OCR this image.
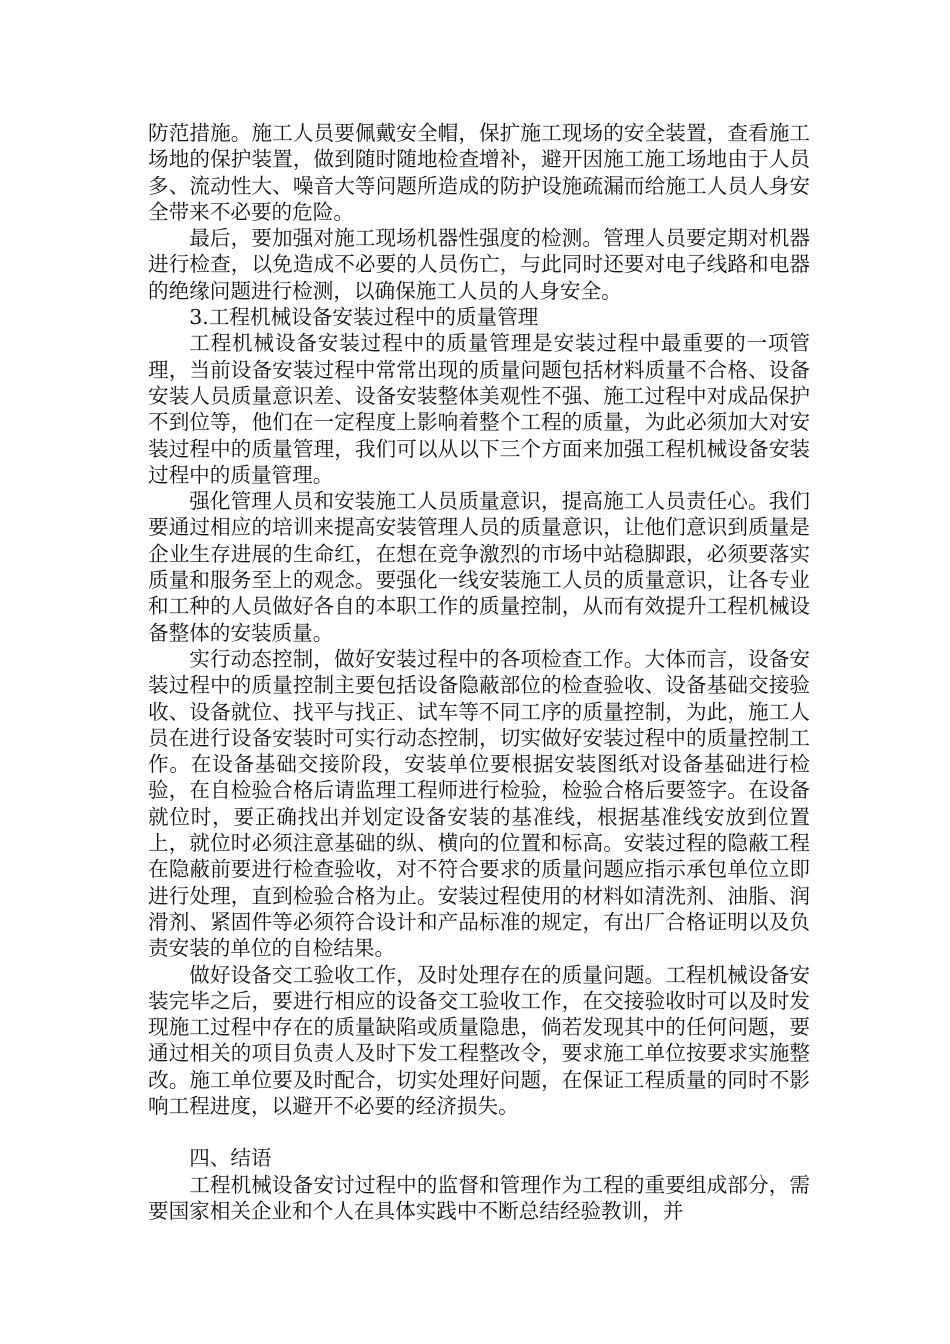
防范措施。施工人员要佩戴安全帽，保扩施工现场的安全装置，查看施工场地的保护装置，做到随时随地检查增补，避开因施工施工场地由于人员多、流动性大、噪音大等问题所造成的防护设施疏漏而给施工人员人身安全带来不必要的危险。

最后，要加强对施工现场机器性强度的检测。管理人员要定期对机器进行检查，以免造成不必要的人员伤亡，与此同时还要对电子线路和电器的绝缘问题进行检测，以确保施工人员的人身安全。

3.工程机械设备安装过程中的质量管理

工程机械设备安装过程中的质量管理是安装过程中最重要的一项管理，当前设备安装过程中常常出现的质量问题包括材料质量不合格、设备安装人员质量意识差、设备安装整体美观性不强、施工过程中对成品保护不到位等，他们在一定程度上影响着整个工程的质量，为此必须加大对安装过程中的质量管理，我们可以从以下三个方面来加强工程机械设备安装过程中的质量管理。

强化管理人员和安装施工人员质量意识，提高施工人员责任心。我们要通过相应的培训来提高安装管理人员的质量意识，让他们意识到质量是企业生存进展的生命红，在想在竞争激烈的市场中站稳脚跟，必须要落实质量和服务至上的观念。要强化一线安装施工人员的质量意识，让各专业和工种的人员做好各自的本职工作的质量控制，从而有效提升工程机械设备整体的安装质量。

实行动态控制，做好安装过程中的各项检查工作。大体而言，设备安装过程中的质量控制主要包括设备隐蔽部位的检查验收、设备基础交接验收、设备就位、找平与找正、试车等不同工序的质量控制，为此，施工人员在进行设备安装时可实行动态控制，切实做好安装过程中的质量控制工作。在设备基础交接阶段，安装单位要根据安装图纸对设备基础进行检验，在自检验合格后请监理工程师进行检验，检验合格后要签字。在设备就位时，要正确找出并划定设备安装的基准线，根据基准线安放到位置上，就位时必须注意基础的纵、横向的位置和标高。安装过程的隐蔽工程在隐蔽前要进行检查验收，对不符合要求的质量问题应指示承包单位立即进行处理，直到检验合格为止。安装过程使用的材料如清洗剂、油脂、润滑剂、紧固件等必须符合设计和产品标准的规定，有出厂合格证明以及负责安装的单位的自检结果。

做好设备交工验收工作，及时处理存在的质量问题。工程机械设备安装完毕之后，要进行相应的设备交工验收工作，在交接验收时可以及时发现施工过程中存在的质量缺陷或质量隐患，倘若发现其中的任何问题，要通过相关的项目负责人及时下发工程整改令，要求施工单位按要求实施整改。施工单位要及时配合，切实处理好问题，在保证工程质量的同时不影响工程进度，以避开不必要的经济损失。

四、结语

工程机械设备安讨过程中的监督和管理作为工程的重要组成部分，需要国家相关企业和个人在具体实践中不断总结经验教训，并
